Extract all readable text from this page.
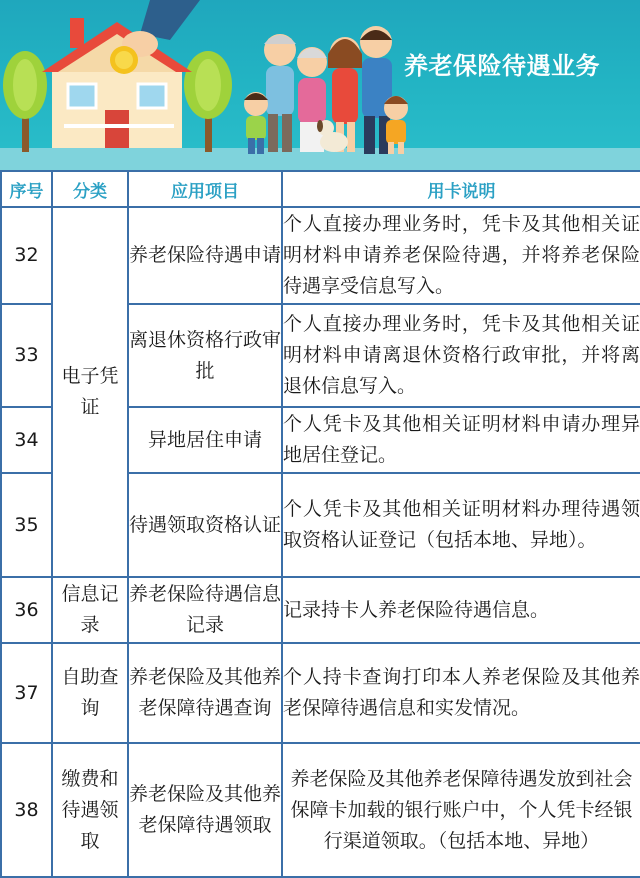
养老保险待遇业务
序号	分类	应用项目	用卡说明
32	电子凭证	养老保险待遇申请	个人直接办理业务时，凭卡及其他相关证明材料申请养老保险待遇，并将养老保险待遇享受信息写入。
33		离退休资格行政审批	个人直接办理业务时，凭卡及其他相关证明材料申请离退休资格行政审批，并将离退休信息写入。
34		异地居住申请	个人凭卡及其他相关证明材料申请办理异地居住登记。
35		待遇领取资格认证	个人凭卡及其他相关证明材料办理待遇领取资格认证登记（包括本地、异地）。
36	信息记录	养老保险待遇信息记录	记录持卡人养老保险待遇信息。
37	自助查询	养老保险及其他养老保障待遇查询	个人持卡查询打印本人养老保险及其他养老保障待遇信息和实发情况。
38	缴费和待遇领取	养老保险及其他养老保障待遇领取	养老保险及其他养老保障待遇发放到社会保障卡加载的银行账户中，个人凭卡经银行渠道领取。（包括本地、异地）
